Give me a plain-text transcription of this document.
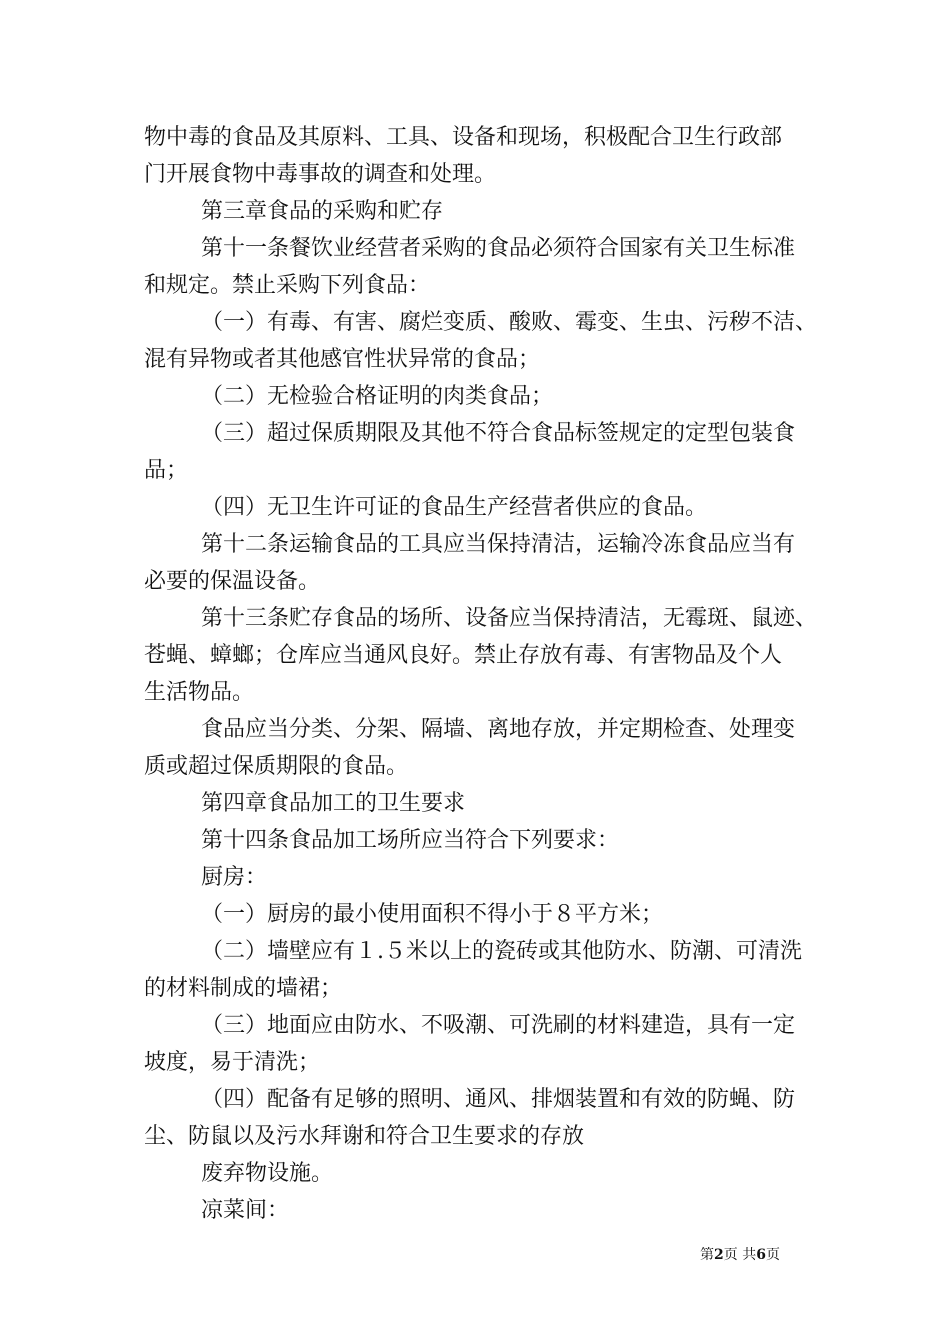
物中毒的食品及其原料、工具、设备和现场，积极配合卫生行政部
门开展食物中毒事故的调查和处理。
第三章食品的采购和贮存
第十一条餐饮业经营者采购的食品必须符合国家有关卫生标准
和规定。禁止采购下列食品：
（一）有毒、有害、腐烂变质、酸败、霉变、生虫、污秽不洁、
混有异物或者其他感官性状异常的食品；
（二）无检验合格证明的肉类食品；
（三）超过保质期限及其他不符合食品标签规定的定型包装食
品；
（四）无卫生许可证的食品生产经营者供应的食品。
第十二条运输食品的工具应当保持清洁，运输冷冻食品应当有
必要的保温设备。
第十三条贮存食品的场所、设备应当保持清洁，无霉斑、鼠迹、
苍蝇、蟑螂；仓库应当通风良好。禁止存放有毒、有害物品及个人
生活物品。
食品应当分类、分架、隔墙、离地存放，并定期检查、处理变
质或超过保质期限的食品。
第四章食品加工的卫生要求
第十四条食品加工场所应当符合下列要求：
厨房：
（一）厨房的最小使用面积不得小于８平方米；
（二）墙壁应有１.５米以上的瓷砖或其他防水、防潮、可清洗
的材料制成的墙裙；
（三）地面应由防水、不吸潮、可洗刷的材料建造，具有一定
坡度，易于清洗；
（四）配备有足够的照明、通风、排烟装置和有效的防蝇、防
尘、防鼠以及污水拜谢和符合卫生要求的存放
废弃物设施。
凉菜间：
第2页 共6页
